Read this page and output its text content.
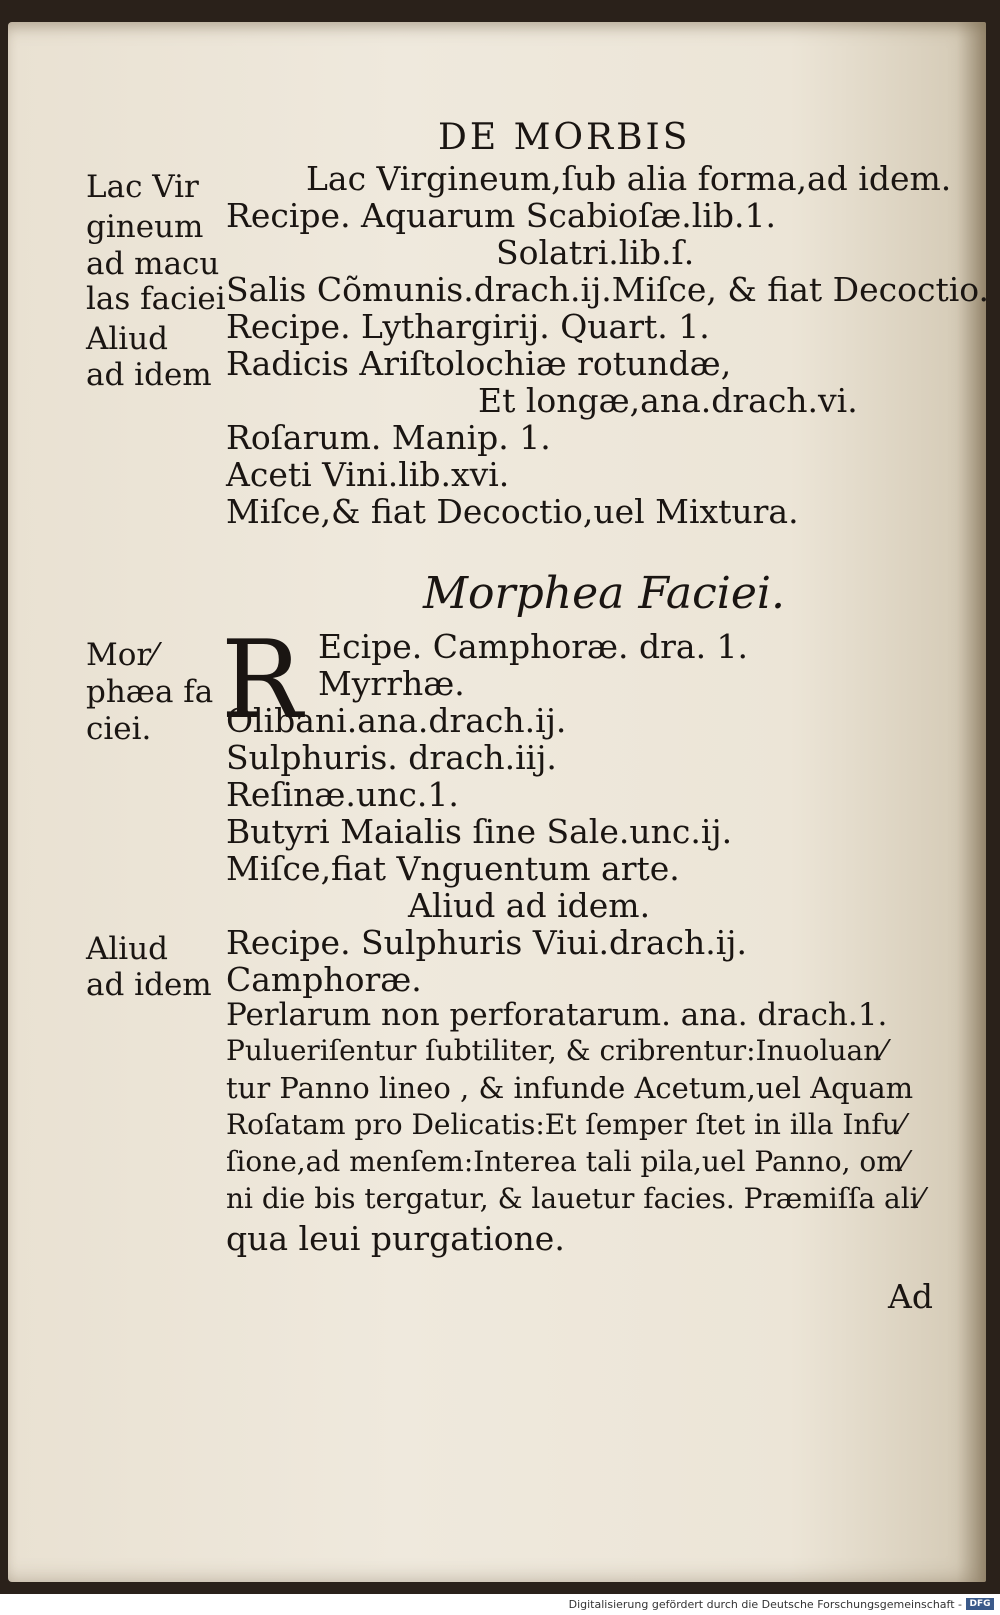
DE MORBIS
Lac Vir
gineum
ad macu
las faciei
Aliud
ad idem
Mor⁄
phæa fa
ciei.
Aliud
ad idem
Lac Virgineum,ſub alia forma,ad idem.
Recipe. Aquarum Scabioſæ.lib.1.
Solatri.lib.ſ.
Salis Cõmunis.drach.ij.Miſce, & fiat Decoctio.
Recipe. Lythargirij. Quart. 1.
Radicis Ariſtolochiæ rotundæ,
Et longæ,ana.drach.vi.
Roſarum. Manip. 1.
Aceti Vini.lib.xvi.
Miſce,& fiat Decoctio,uel Mixtura.
Morphea Faciei.
R Ecipe. Camphoræ. dra. 1.
Myrrhæ.
Olibani.ana.drach.ij.
Sulphuris. drach.iij.
Reſinæ.unc.1.
Butyri Maialis ſine Sale.unc.ij.
Miſce,fiat Vnguentum arte.
Aliud ad idem.
Recipe. Sulphuris Viui.drach.ij.
Camphoræ.
Perlarum non perforatarum. ana. drach.1.
Pulueriſentur ſubtiliter, & cribrentur:Inuoluan⁄
tur Panno lineo , & infunde Acetum,uel Aquam
Roſatam pro Delicatis:Et ſemper ſtet in illa Infu⁄
ſione,ad menſem:Interea tali pila,uel Panno, om⁄
ni die bis tergatur, & lauetur facies. Præmiſſa ali⁄
qua leui purgatione.
Ad
Digitalisierung gefördert durch die Deutsche Forschungsgemeinschaft - DFG
